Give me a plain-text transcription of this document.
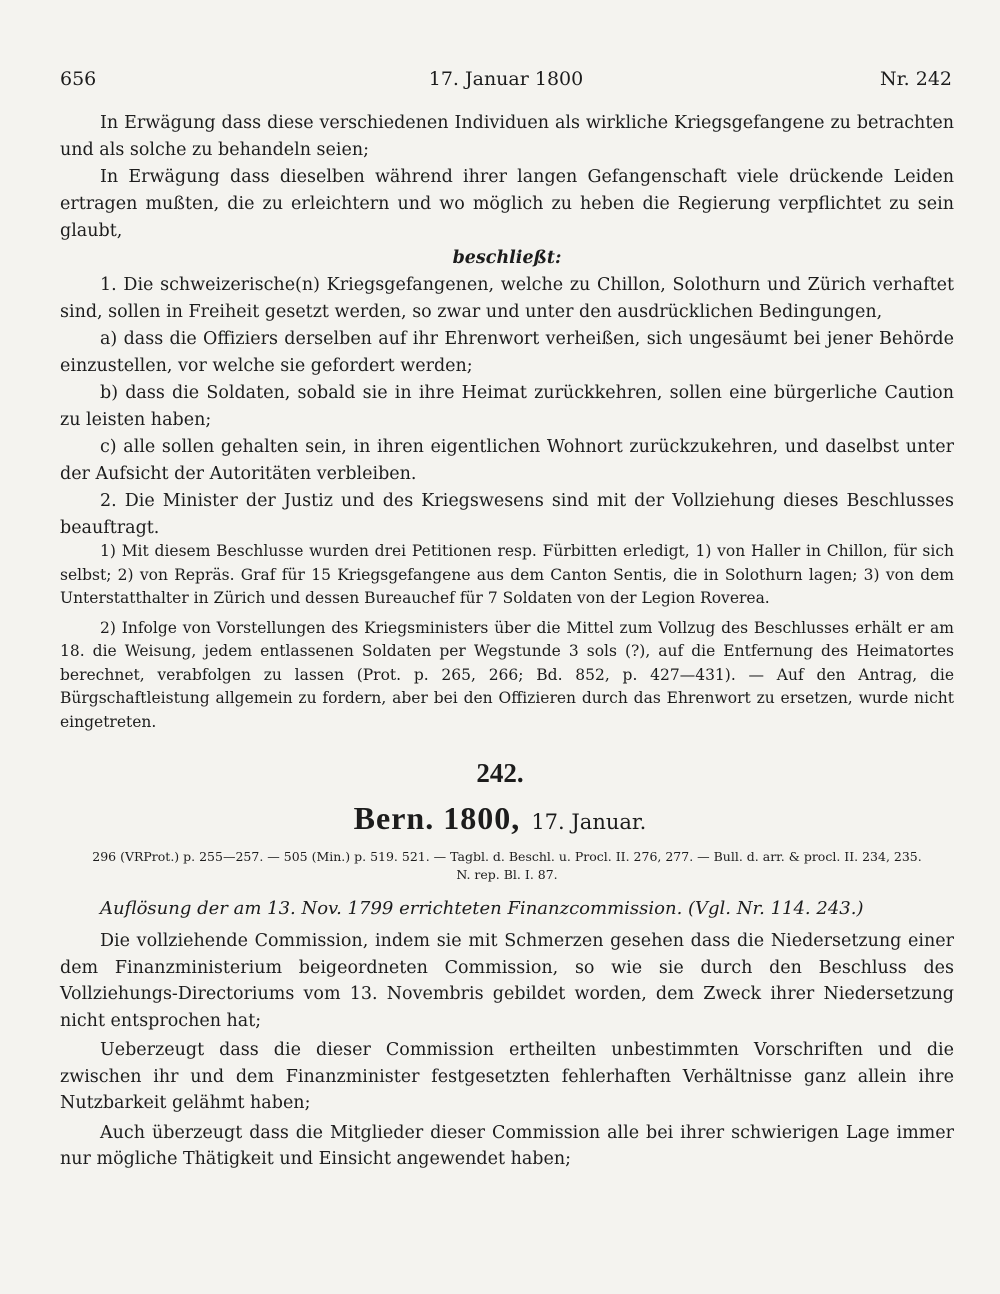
656	17. Januar 1800	Nr. 242

In Erwägung dass diese verschiedenen Individuen als wirkliche Kriegsgefangene zu betrachten und als solche zu behandeln seien;

In Erwägung dass dieselben während ihrer langen Gefangenschaft viele drückende Leiden ertragen mußten, die zu erleichtern und wo möglich zu heben die Regierung verpflichtet zu sein glaubt,

beschließt:

1. Die schweizerische(n) Kriegsgefangenen, welche zu Chillon, Solothurn und Zürich verhaftet sind, sollen in Freiheit gesetzt werden, so zwar und unter den ausdrücklichen Bedingungen,

a) dass die Offiziers derselben auf ihr Ehrenwort verheißen, sich ungesäumt bei jener Behörde einzustellen, vor welche sie gefordert werden;

b) dass die Soldaten, sobald sie in ihre Heimat zurückkehren, sollen eine bürgerliche Caution zu leisten haben;

c) alle sollen gehalten sein, in ihren eigentlichen Wohnort zurückzukehren, und daselbst unter der Aufsicht der Autoritäten verbleiben.

2. Die Minister der Justiz und des Kriegswesens sind mit der Vollziehung dieses Beschlusses beauftragt.

1) Mit diesem Beschlusse wurden drei Petitionen resp. Fürbitten erledigt, 1) von Haller in Chillon, für sich selbst; 2) von Repräs. Graf für 15 Kriegsgefangene aus dem Canton Sentis, die in Solothurn lagen; 3) von dem Unterstatthalter in Zürich und dessen Bureauchef für 7 Soldaten von der Legion Roverea.

2) Infolge von Vorstellungen des Kriegsministers über die Mittel zum Vollzug des Beschlusses erhält er am 18. die Weisung, jedem entlassenen Soldaten per Wegstunde 3 sols (?), auf die Entfernung des Heimatortes berechnet, verabfolgen zu lassen (Prot. p. 265, 266; Bd. 852, p. 427—431). — Auf den Antrag, die Bürgschaftleistung allgemein zu fordern, aber bei den Offizieren durch das Ehrenwort zu ersetzen, wurde nicht eingetreten.

242.
Bern. 1800, 17. Januar.
296 (VRProt.) p. 255—257. — 505 (Min.) p. 519. 521. — Tagbl. d. Beschl. u. Procl. II. 276, 277. — Bull. d. arr. & procl. II. 234, 235.
N. rep. Bl. I. 87.
Auflösung der am 13. Nov. 1799 errichteten Finanzcommission. (Vgl. Nr. 114. 243.)

Die vollziehende Commission, indem sie mit Schmerzen gesehen dass die Niedersetzung einer dem Finanzministerium beigeordneten Commission, so wie sie durch den Beschluss des Vollziehungs-Directoriums vom 13. Novembris gebildet worden, dem Zweck ihrer Niedersetzung nicht entsprochen hat;

Ueberzeugt dass die dieser Commission ertheilten unbestimmten Vorschriften und die zwischen ihr und dem Finanzminister festgesetzten fehlerhaften Verhältnisse ganz allein ihre Nutzbarkeit gelähmt haben;

Auch überzeugt dass die Mitglieder dieser Commission alle bei ihrer schwierigen Lage immer nur mögliche Thätigkeit und Einsicht angewendet haben;
